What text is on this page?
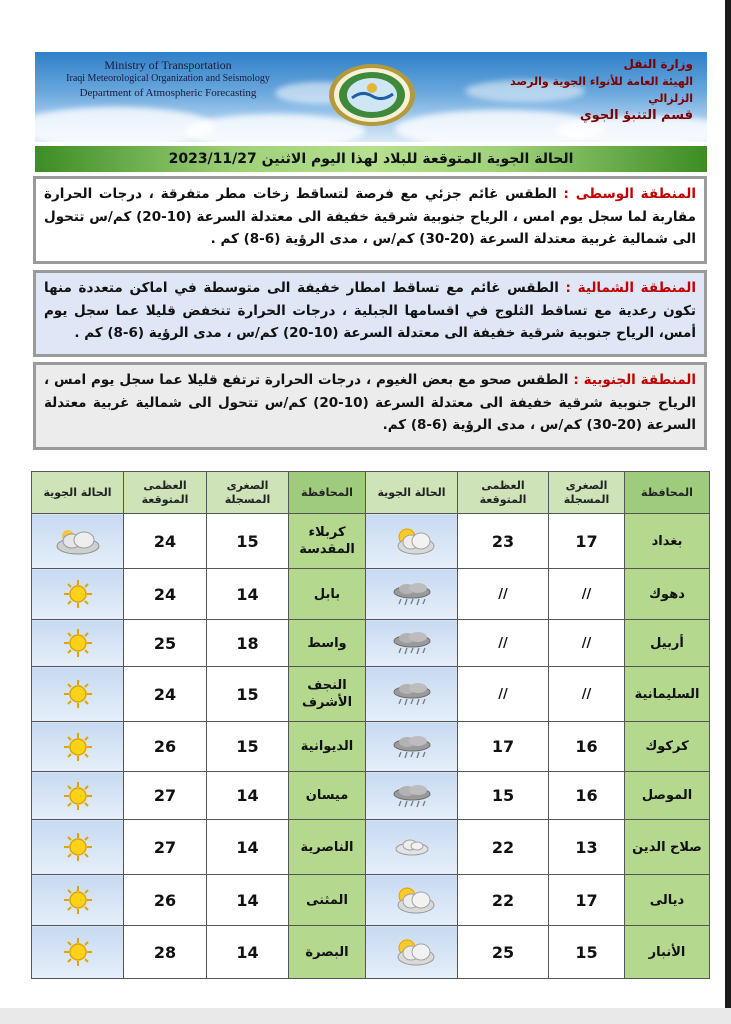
Ministry of Transportation
Iraqi Meteorological Organization and Seismology
Department of Atmospheric Forecasting
وزارة النقل
الهيئة العامة للأنواء الجوية والرصد الزلزالي
قسم التنبؤ الجوي
الحالة الجوية المتوقعة للبلاد لهذا اليوم الاثنين 2023/11/27
المنطقة الوسطى : الطقس غائم جزئي مع فرصة لتساقط زخات مطر متفرقة ، درجات الحرارة مقاربة لما سجل يوم امس ، الرياح جنوبية شرقية خفيفة الى معتدلة السرعة (10-20) كم/س تتحول الى شمالية غربية معتدلة السرعة (20-30) كم/س ، مدى الرؤية (6-8) كم .
المنطقة الشمالية : الطقس غائم مع تساقط امطار خفيفة الى متوسطة في اماكن متعددة منها تكون رعدية مع تساقط الثلوج في اقسامها الجبلية ، درجات الحرارة تنخفض قليلا عما سجل يوم أمس، الرياح جنوبية شرقية خفيفة الى معتدلة السرعة (10-20) كم/س ، مدى الرؤية (6-8) كم .
المنطقة الجنوبية : الطقس صحو مع بعض الغيوم ، درجات الحرارة ترتفع قليلا عما سجل يوم امس ، الرياح جنوبية شرقية خفيفة الى معتدلة السرعة (10-20) كم/س تتحول الى شمالية غربية معتدلة السرعة (20-30) كم/س ، مدى الرؤية (6-8) كم.
الحالة الجوية	العظمى المتوقعة	الصغرى المسجلة	المحافظة	الحالة الجوية	العظمى المتوقعة	الصغرى المسجلة	المحافظة
	24	15	كربلاء المقدسة		23	17	بغداد
	24	14	بابل		//	//	دهوك
	25	18	واسط		//	//	أربيل
	24	15	النجف الأشرف		//	//	السليمانية
	26	15	الديوانية		17	16	كركوك
	27	14	ميسان		15	16	الموصل
	27	14	الناصرية		22	13	صلاح الدين
	26	14	المثنى		22	17	ديالى
	28	14	البصرة		25	15	الأنبار
